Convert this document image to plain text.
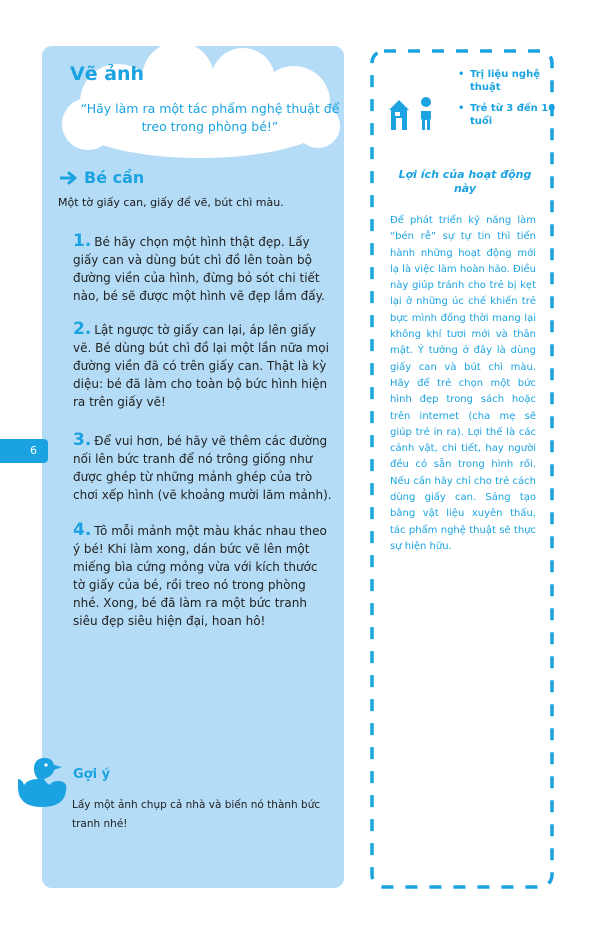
Vẽ ảnh
“Hãy làm ra một tác phẩm nghệ thuật để treo trong phòng bé!”
Bé cần
Một tờ giấy can, giấy để vẽ, bút chì màu.
1. Bé hãy chọn một hình thật đẹp. Lấy giấy can và dùng bút chì đồ lên toàn bộ đường viền của hình, đừng bỏ sót chi tiết nào, bé sẽ được một hình vẽ đẹp lắm đấy.
2. Lật ngược tờ giấy can lại, áp lên giấy vẽ. Bé dùng bút chì đồ lại một lần nữa mọi đường viền đã có trên giấy can. Thật là kỳ diệu: bé đã làm cho toàn bộ bức hình hiện ra trên giấy vẽ!
3. Để vui hơn, bé hãy vẽ thêm các đường nối lên bức tranh để nó trông giống như được ghép từ những mảnh ghép của trò chơi xếp hình (vẽ khoảng mười lăm mảnh).
4. Tô mỗi mảnh một màu khác nhau theo ý bé! Khi làm xong, dán bức vẽ lên một miếng bìa cứng mỏng vừa với kích thước tờ giấy của bé, rồi treo nó trong phòng nhé. Xong, bé đã làm ra một bức tranh siêu đẹp siêu hiện đại, hoan hô!
6
Gợi ý
Lấy một ảnh chụp cả nhà và biến nó thành bức tranh nhé!
• Trị liệu nghệ thuật
• Trẻ từ 3 đến 10 tuổi
Lợi ích của hoạt động này
Để phát triển kỹ năng làm “bén rễ” sự tự tin thì tiến hành những hoạt động mới lạ là việc làm hoàn hảo. Điều này giúp tránh cho trẻ bị kẹt lại ở những úc chế khiến trẻ bực mình đồng thời mang lại không khí tươi mới và thân mật. Ý tưởng ở đây là dùng giấy can và bút chì màu. Hãy để trẻ chọn một bức hình đẹp trong sách hoặc trên internet (cha mẹ sẽ giúp trẻ in ra). Lợi thế là các cảnh vật, chi tiết, hay người đều có sẵn trong hình rồi. Nếu cần hãy chỉ cho trẻ cách dùng giấy can. Sáng tạo bằng vật liệu xuyên thấu, tác phẩm nghệ thuật sẽ thực sự hiện hữu.
